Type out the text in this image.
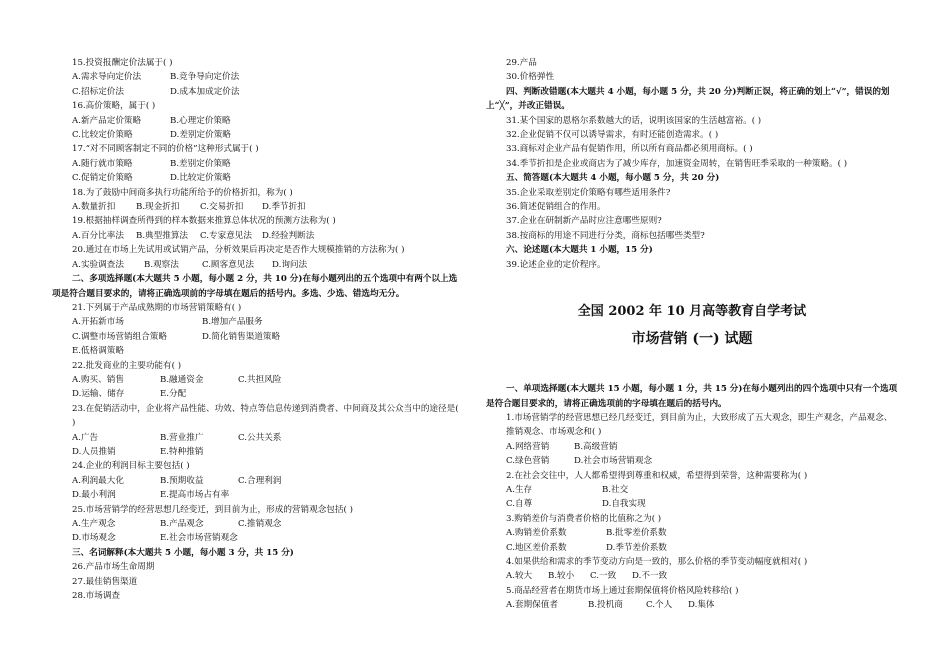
15.投资报酬定价法属于( )
A.需求导向定价法	B.竞争导向定价法
C.招标定价法	D.成本加成定价法
16.高价策略，属于( )
A.新产品定价策略	B.心理定价策略
C.比较定价策略	D.差别定价策略
17.“对不同顾客制定不同的价格”这种形式属于( )
A.随行就市策略	B.差别定价策略
C.促销定价策略	D.比较定价策略
18.为了鼓励中间商多执行功能所给予的价格折扣，称为( )
A.数量折扣 B.现金折扣 C.交易折扣 D.季节折扣
19.根据抽样调查所得到的样本数据来推算总体状况的预测方法称为( )
A.百分比率法 B.典型推算法 C.专家意见法 D.经验判断法
20.通过在市场上先试用或试销产品，分析效果后再决定是否作大规模推销的方法称为( )
A.实验调查法 B.观察法	C.顾客意见法 D.询问法
二、多项选择题(本大题共 5 小题，每小题 2 分，共 10 分)在每小题列出的五个选项中有两个以上选项是符合题目要求的，请将正确选项前的字母填在题后的括号内。多选、少选、错选均无分。
21.下列属于产品成熟期的市场营销策略有( )
A.开拓新市场	B.增加产品服务
C.调整市场营销组合策略	D.简化销售渠道策略
E.低格调策略
22.批发商业的主要功能有( )
A.购买、销售	B.融通资金	C.共担风险
D.运输、储存	E.分配
23.在促销活动中，企业将产品性能、功效、特点等信息传递到消费者、中间商及其公众当中的途径是( )
A.广告	B.营业推广	C.公共关系
D.人员推销	E.特种推销
24.企业的利润目标主要包括( )
A.利润最大化	B.预期收益	C.合理利润
D.最小利润	E.提高市场占有率
25.市场营销学的经营思想几经变迁，到目前为止，形成的营销观念包括( )
A.生产观念	B.产品观念	C.推销观念
D.市场观念	E.社会市场营销观念
三、名词解释(本大题共 5 小题，每小题 3 分，共 15 分)
26.产品市场生命周期
27.最佳销售渠道
28.市场调查
29.产品
30.价格弹性
四、判断改错题(本大题共 4 小题，每小题 5 分，共 20 分)判断正误，将正确的划上“√”，错误的划上“╳”，并改正错误。
31.某个国家的恩格尔系数越大的话，说明该国家的生活越富裕。( )
32.企业促销不仅可以诱导需求，有时还能创造需求。( )
33.商标对企业产品有促销作用，所以所有商品都必须用商标。( )
34.季节折扣是企业或商店为了减少库存，加速资金周转，在销售旺季采取的一种策略。( )
五、简答题(本大题共 4 小题，每小题 5 分，共 20 分)
35.企业采取差别定价策略有哪些适用条件?
36.简述促销组合的作用。
37.企业在研制新产品时应注意哪些原则?
38.按商标的用途不同进行分类，商标包括哪些类型?
六、论述题(本大题共 1 小题，15 分)
39.论述企业的定价程序。
全国 2002 年 10 月高等教育自学考试
市场营销 (一) 试题
一、单项选择题(本大题共 15 小题，每小题 1 分，共 15 分)在每小题列出的四个选项中只有一个选项是符合题目要求的，请将正确选项前的字母填在题后的括号内。
1.市场营销学的经营思想已经几经变迁，到目前为止，大致形成了五大观念，即生产观念，产品观念、推销观念、市场观念和( )
A.网络营销	B.高级营销
C.绿色营销	D.社会市场营销观念
2.在社会交往中，人人都希望得到尊重和权威，希望得到荣誉，这种需要称为( )
A.生存	B.社交
C.自尊	D.自我实现
3.购销差价与消费者价格的比值称之为( )
A.购销差价系数	B.批零差价系数
C.地区差价系数	D.季节差价系数
4.如果供给和需求的季节变动方向是一致的，那么价格的季节变动幅度就相对( )
A.较大 B.较小 C.一致 D.不一致
5.商品经营者在期货市场上通过套期保值将价格风险转移给( )
A.套期保值者	B.投机商	C.个人 D.集体
